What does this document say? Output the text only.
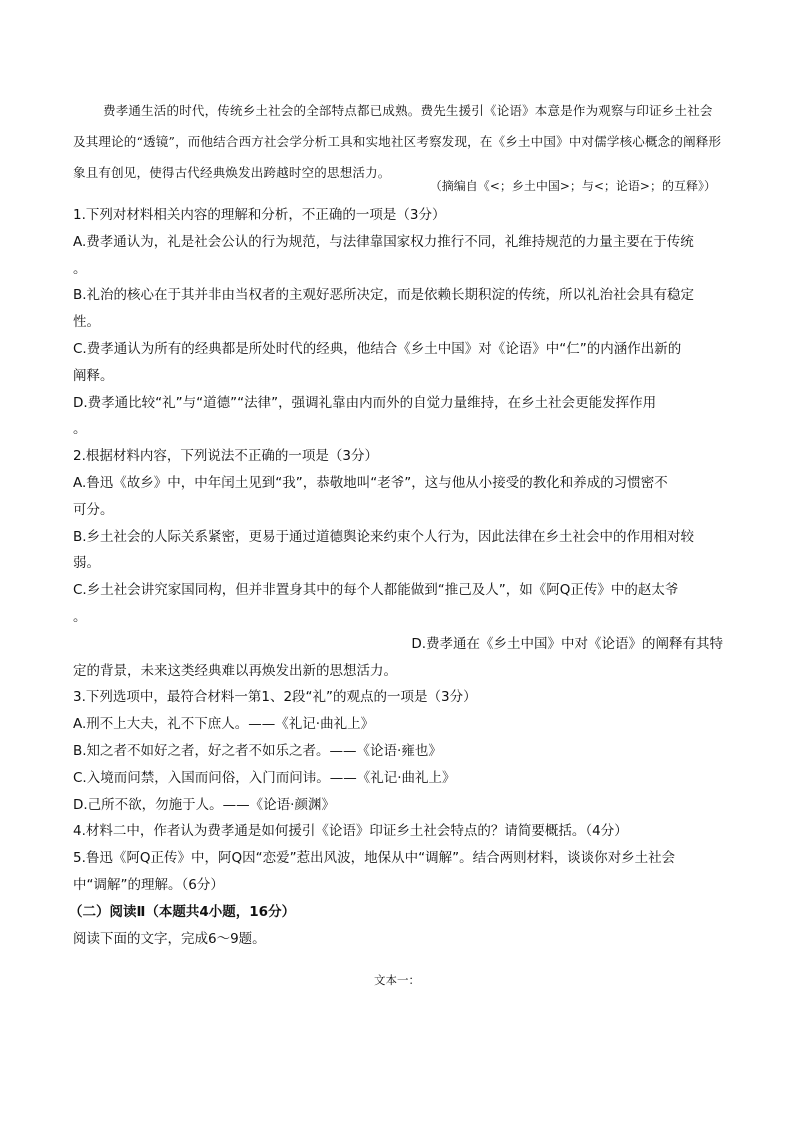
费孝通生活的时代，传统乡土社会的全部特点都已成熟。费先生援引《论语》本意是作为观察与印证乡土社会及其理论的“透镜”，而他结合西方社会学分析工具和实地社区考察发现，在《乡土中国》中对儒学核心概念的阐释形象且有创见，使得古代经典焕发出跨越时空的思想活力。
（摘编自《<；乡土中国>；与<；论语>；的互释》）
1.下列对材料相关内容的理解和分析，不正确的一项是（3分）
A.费孝通认为，礼是社会公认的行为规范，与法律靠国家权力推行不同，礼维持规范的力量主要在于传统
。
B.礼治的核心在于其并非由当权者的主观好恶所决定，而是依赖长期积淀的传统，所以礼治社会具有稳定
性。
C.费孝通认为所有的经典都是所处时代的经典，他结合《乡土中国》对《论语》中“仁”的内涵作出新的
阐释。
D.费孝通比较“礼”与“道德”“法律”，强调礼靠由内而外的自觉力量维持，在乡土社会更能发挥作用
。
2.根据材料内容，下列说法不正确的一项是（3分）
A.鲁迅《故乡》中，中年闰土见到“我”，恭敬地叫“老爷”，这与他从小接受的教化和养成的习惯密不
可分。
B.乡土社会的人际关系紧密，更易于通过道德舆论来约束个人行为，因此法律在乡土社会中的作用相对较
弱。
C.乡土社会讲究家国同构，但并非置身其中的每个人都能做到“推己及人”，如《阿Q正传》中的赵太爷
。
D.费孝通在《乡土中国》中对《论语》的阐释有其特
定的背景，未来这类经典难以再焕发出新的思想活力。
3.下列选项中，最符合材料一第1、2段“礼”的观点的一项是（3分）
A.刑不上大夫，礼不下庶人。——《礼记·曲礼上》
B.知之者不如好之者，好之者不如乐之者。——《论语·雍也》
C.入境而问禁，入国而问俗，入门而问讳。——《礼记·曲礼上》
D.己所不欲，勿施于人。——《论语·颜渊》
4.材料二中，作者认为费孝通是如何援引《论语》印证乡土社会特点的？请简要概括。（4分）
5.鲁迅《阿Q正传》中，阿Q因“恋爱”惹出风波，地保从中“调解”。结合两则材料，谈谈你对乡土社会
中“调解”的理解。（6分）
（二）阅读Ⅱ（本题共4小题，16分）
阅读下面的文字，完成6～9题。
文本一：
